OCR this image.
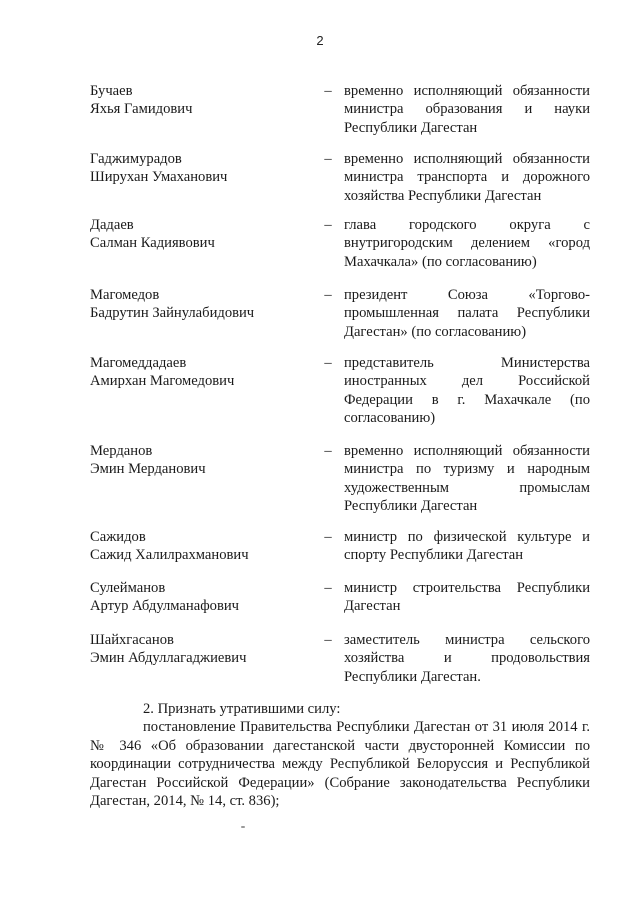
2
Бучаев
Яхья Гамидович
– временно исполняющий обязанности
министра образования и науки
Республики Дагестан
Гаджимурадов
Ширухан Умаханович
– временно исполняющий обязанности
министра транспорта и дорожного
хозяйства Республики Дагестан
Дадаев
Салман Кадиявович
– глава городского округа с
внутригородским делением «город
Махачкала» (по согласованию)
Магомедов
Бадрутин Зайнулабидович
– президент Союза «Торгово-
промышленная палата Республики
Дагестан» (по согласованию)
Магомеддадаев
Амирхан Магомедович
– представитель Министерства
иностранных дел Российской
Федерации в г. Махачкале (по
согласованию)
Мерданов
Эмин Мерданович
– временно исполняющий обязанности
министра по туризму и народным
художественным промыслам
Республики Дагестан
Сажидов
Сажид Халилрахманович
– министр по физической культуре и
спорту Республики Дагестан
Сулейманов
Артур Абдулманафович
– министр строительства Республики
Дагестан
Шайхгасанов
Эмин Абдуллагаджиевич
– заместитель министра сельского
хозяйства и продовольствия
Республики Дагестан.
2. Признать утратившими силу:
постановление Правительства Республики Дагестан от 31 июля 2014 г.
№ 346 «Об образовании дагестанской части двусторонней Комиссии по
координации сотрудничества между Республикой Белоруссия и Республикой
Дагестан Российской Федерации» (Собрание законодательства Республики
Дагестан, 2014, № 14, ст. 836);
